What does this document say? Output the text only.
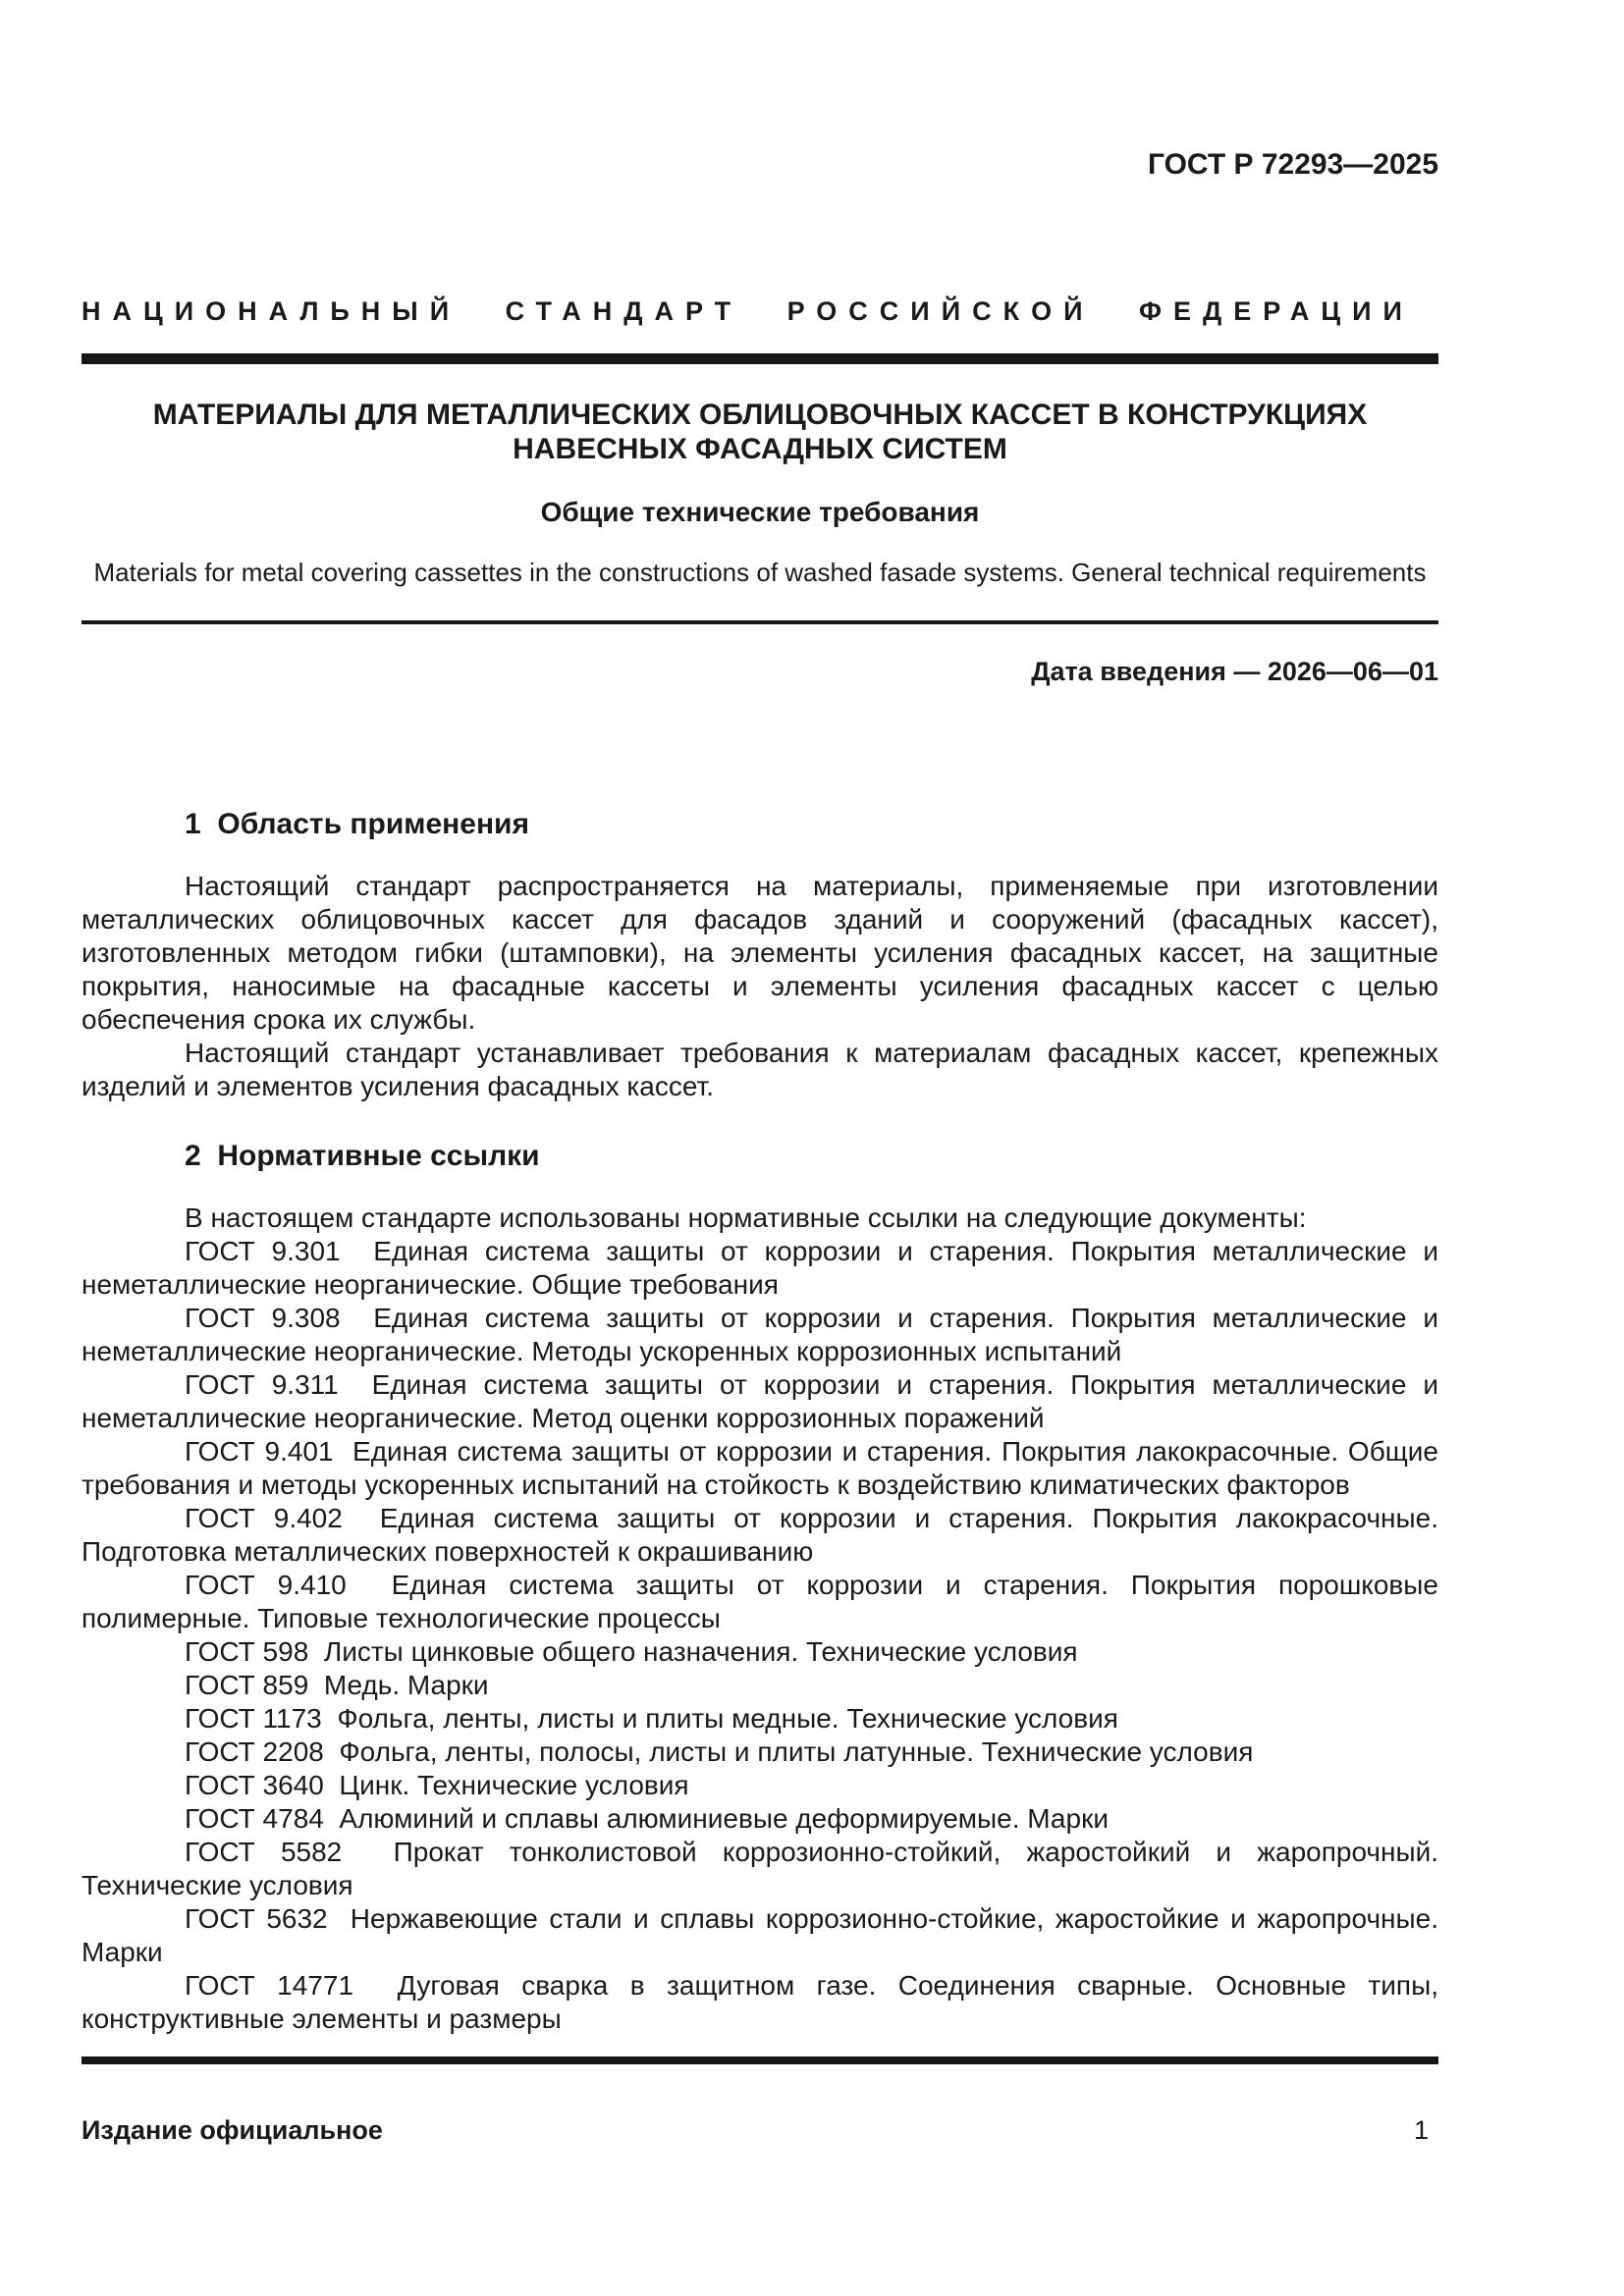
ГОСТ Р 72293—2025
НАЦИОНАЛЬНЫЙ СТАНДАРТ РОССИЙСКОЙ ФЕДЕРАЦИИ
МАТЕРИАЛЫ ДЛЯ МЕТАЛЛИЧЕСКИХ ОБЛИЦОВОЧНЫХ КАССЕТ В КОНСТРУКЦИЯХ
НАВЕСНЫХ ФАСАДНЫХ СИСТЕМ
Общие технические требования
Materials for metal covering cassettes in the constructions of washed fasade systems. General technical requirements
Дата введения — 2026—06—01
1  Область применения

Настоящий стандарт распространяется на материалы, применяемые при изготовлении металлических облицовочных кассет для фасадов зданий и сооружений (фасадных кассет), изготовленных методом гибки (штамповки), на элементы усиления фасадных кассет, на защитные покрытия, наносимые на фасадные кассеты и элементы усиления фасадных кассет с целью обеспечения срока их службы.

Настоящий стандарт устанавливает требования к материалам фасадных кассет, крепежных изделий и элементов усиления фасадных кассет.

2  Нормативные ссылки

В настоящем стандарте использованы нормативные ссылки на следующие документы:

ГОСТ 9.301  Единая система защиты от коррозии и старения. Покрытия металлические и неметаллические неорганические. Общие требования

ГОСТ 9.308  Единая система защиты от коррозии и старения. Покрытия металлические и неметаллические неорганические. Методы ускоренных коррозионных испытаний

ГОСТ 9.311  Единая система защиты от коррозии и старения. Покрытия металлические и неметаллические неорганические. Метод оценки коррозионных поражений

ГОСТ 9.401  Единая система защиты от коррозии и старения. Покрытия лакокрасочные. Общие требования и методы ускоренных испытаний на стойкость к воздействию климатических факторов

ГОСТ 9.402  Единая система защиты от коррозии и старения. Покрытия лакокрасочные. Подготовка металлических поверхностей к окрашиванию

ГОСТ 9.410  Единая система защиты от коррозии и старения. Покрытия порошковые полимерные. Типовые технологические процессы

ГОСТ 598  Листы цинковые общего назначения. Технические условия

ГОСТ 859  Медь. Марки

ГОСТ 1173  Фольга, ленты, листы и плиты медные. Технические условия

ГОСТ 2208  Фольга, ленты, полосы, листы и плиты латунные. Технические условия

ГОСТ 3640  Цинк. Технические условия

ГОСТ 4784  Алюминий и сплавы алюминиевые деформируемые. Марки

ГОСТ 5582  Прокат тонколистовой коррозионно-стойкий, жаростойкий и жаропрочный. Технические условия

ГОСТ 5632  Нержавеющие стали и сплавы коррозионно-стойкие, жаростойкие и жаропрочные. Марки

ГОСТ 14771  Дуговая сварка в защитном газе. Соединения сварные. Основные типы, конструктивные элементы и размеры

Издание официальное	1
